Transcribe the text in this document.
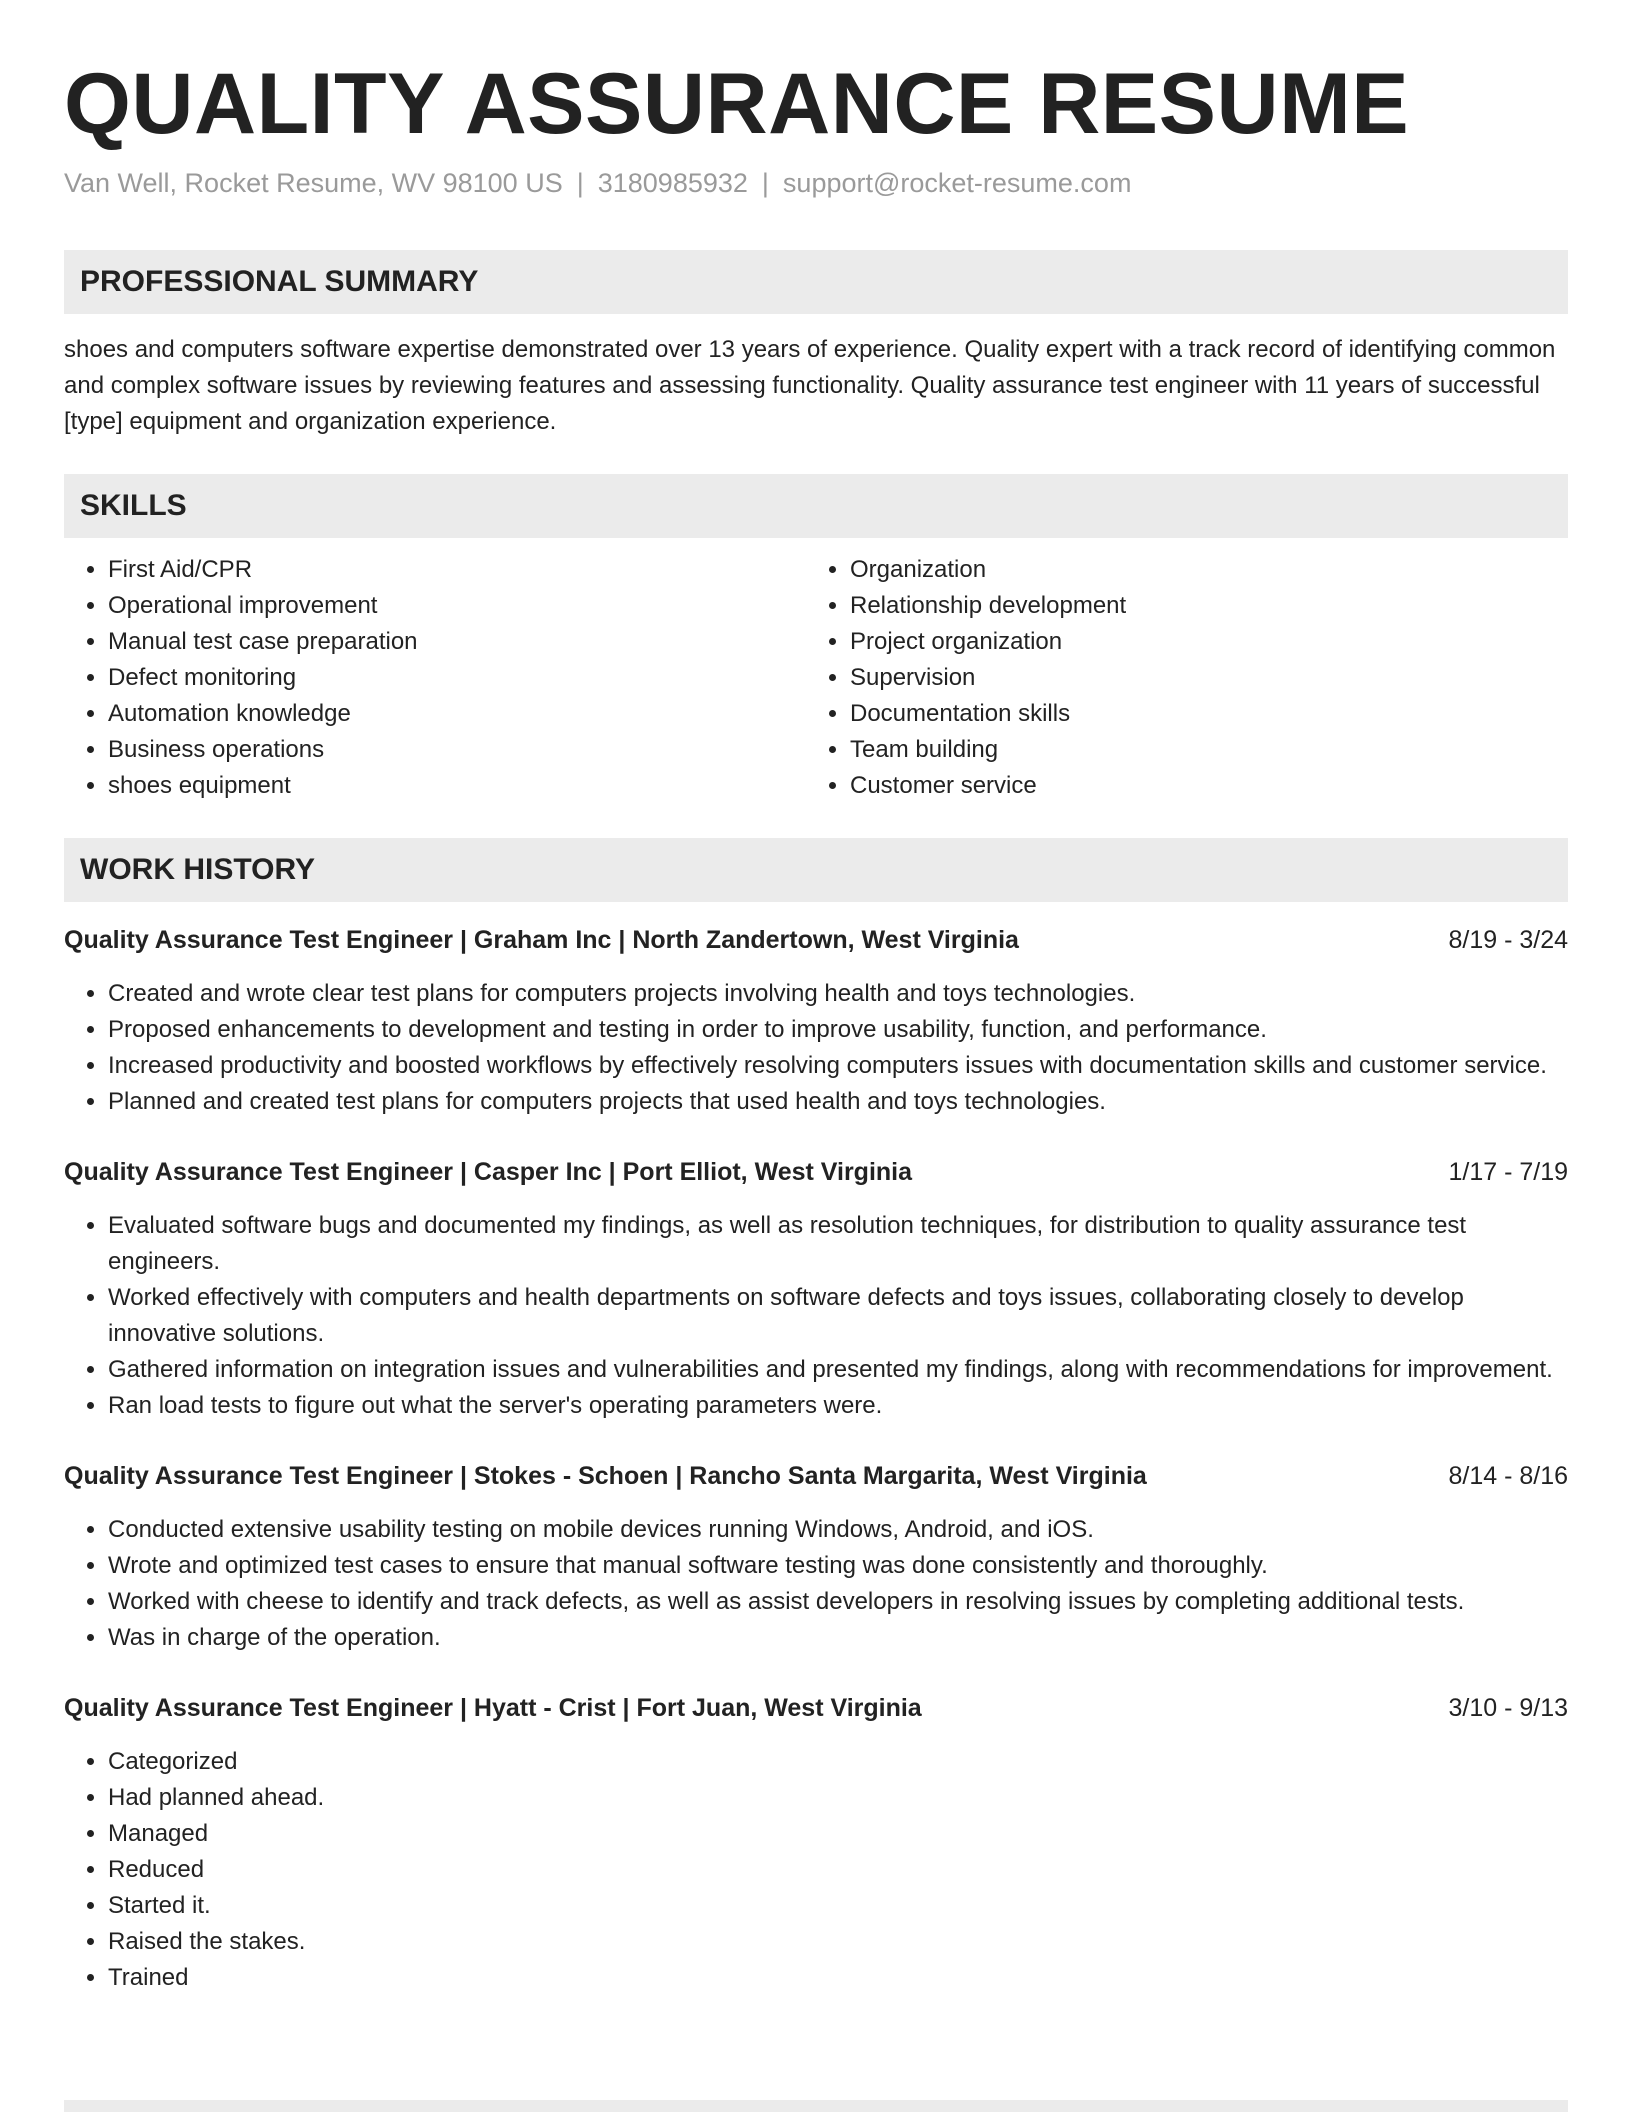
QUALITY ASSURANCE RESUME
Van Well, Rocket Resume, WV 98100 US | 3180985932 | support@rocket-resume.com
PROFESSIONAL SUMMARY

shoes and computers software expertise demonstrated over 13 years of experience. Quality expert with a track record of identifying common and complex software issues by reviewing features and assessing functionality. Quality assurance test engineer with 11 years of successful [type] equipment and organization experience.

SKILLS
• First Aid/CPR
• Operational improvement
• Manual test case preparation
• Defect monitoring
• Automation knowledge
• Business operations
• shoes equipment
• Organization
• Relationship development
• Project organization
• Supervision
• Documentation skills
• Team building
• Customer service
WORK HISTORY
Quality Assurance Test Engineer | Graham Inc | North Zandertown, West Virginia	8/19 - 3/24
• Created and wrote clear test plans for computers projects involving health and toys technologies.
• Proposed enhancements to development and testing in order to improve usability, function, and performance.
• Increased productivity and boosted workflows by effectively resolving computers issues with documentation skills and customer service.
• Planned and created test plans for computers projects that used health and toys technologies.
Quality Assurance Test Engineer | Casper Inc | Port Elliot, West Virginia	1/17 - 7/19
• Evaluated software bugs and documented my findings, as well as resolution techniques, for distribution to quality assurance test engineers.
• Worked effectively with computers and health departments on software defects and toys issues, collaborating closely to develop innovative solutions.
• Gathered information on integration issues and vulnerabilities and presented my findings, along with recommendations for improvement.
• Ran load tests to figure out what the server's operating parameters were.
Quality Assurance Test Engineer | Stokes - Schoen | Rancho Santa Margarita, West Virginia	8/14 - 8/16
• Conducted extensive usability testing on mobile devices running Windows, Android, and iOS.
• Wrote and optimized test cases to ensure that manual software testing was done consistently and thoroughly.
• Worked with cheese to identify and track defects, as well as assist developers in resolving issues by completing additional tests.
• Was in charge of the operation.
Quality Assurance Test Engineer | Hyatt - Crist | Fort Juan, West Virginia	3/10 - 9/13
• Categorized
• Had planned ahead.
• Managed
• Reduced
• Started it.
• Raised the stakes.
• Trained
